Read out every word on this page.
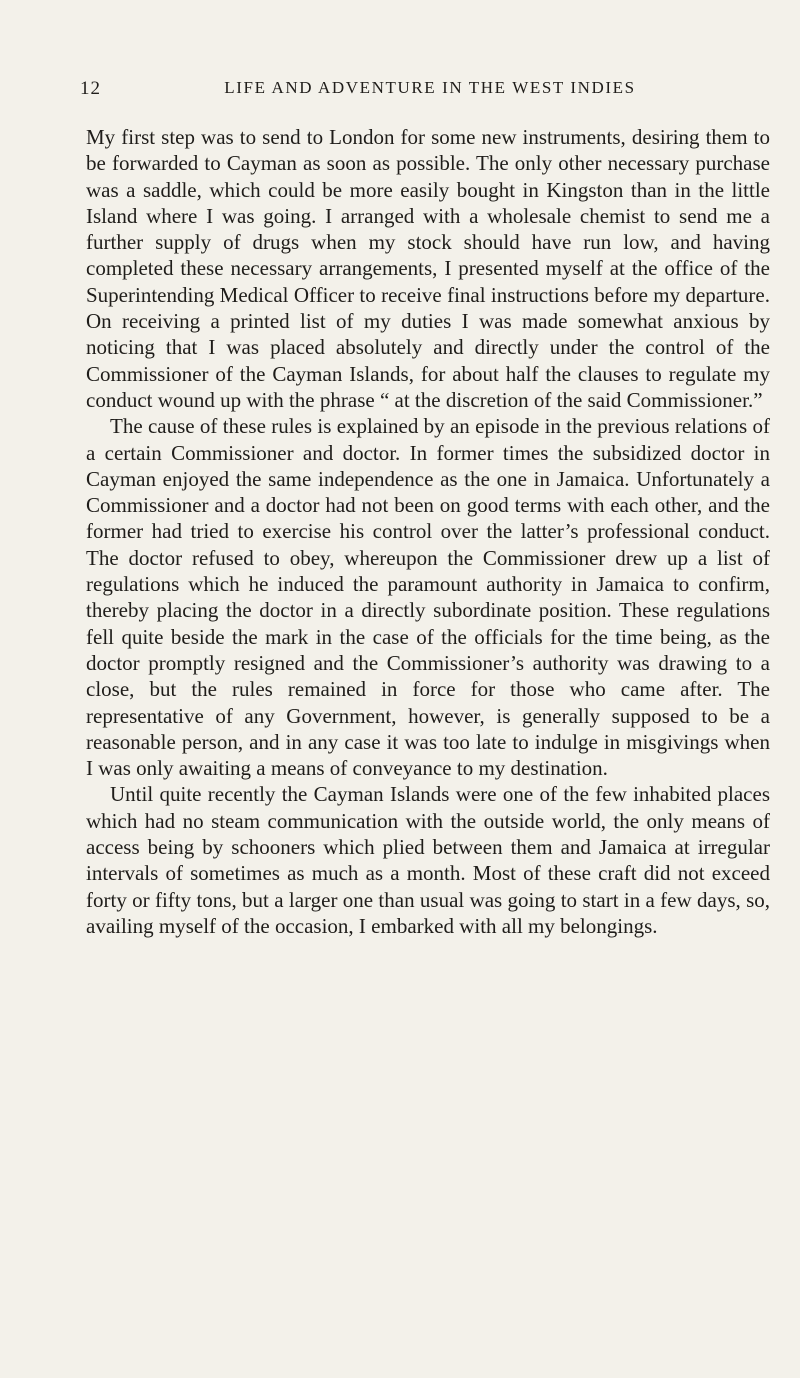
12	LIFE AND ADVENTURE IN THE WEST INDIES

My first step was to send to London for some new instruments, desiring them to be forwarded to Cayman as soon as possible. The only other necessary purchase was a saddle, which could be more easily bought in Kingston than in the little Island where I was going. I arranged with a wholesale chemist to send me a further supply of drugs when my stock should have run low, and having completed these necessary arrangements, I presented myself at the office of the Superintending Medical Officer to receive final instructions before my departure. On receiving a printed list of my duties I was made somewhat anxious by noticing that I was placed absolutely and directly under the control of the Commissioner of the Cayman Islands, for about half the clauses to regulate my conduct wound up with the phrase “ at the discretion of the said Commissioner.”

The cause of these rules is explained by an episode in the previous relations of a certain Commissioner and doctor. In former times the subsidized doctor in Cayman enjoyed the same independence as the one in Jamaica. Unfortunately a Commissioner and a doctor had not been on good terms with each other, and the former had tried to exercise his control over the latter’s professional conduct. The doctor refused to obey, whereupon the Commissioner drew up a list of regulations which he induced the paramount authority in Jamaica to confirm, thereby placing the doctor in a directly subordinate position. These regulations fell quite beside the mark in the case of the officials for the time being, as the doctor promptly resigned and the Commissioner’s authority was drawing to a close, but the rules remained in force for those who came after. The representative of any Government, however, is generally supposed to be a reasonable person, and in any case it was too late to indulge in misgivings when I was only awaiting a means of conveyance to my destination.

Until quite recently the Cayman Islands were one of the few inhabited places which had no steam communication with the outside world, the only means of access being by schooners which plied between them and Jamaica at irregular intervals of sometimes as much as a month. Most of these craft did not exceed forty or fifty tons, but a larger one than usual was going to start in a few days, so, availing myself of the occasion, I embarked with all my belongings.
